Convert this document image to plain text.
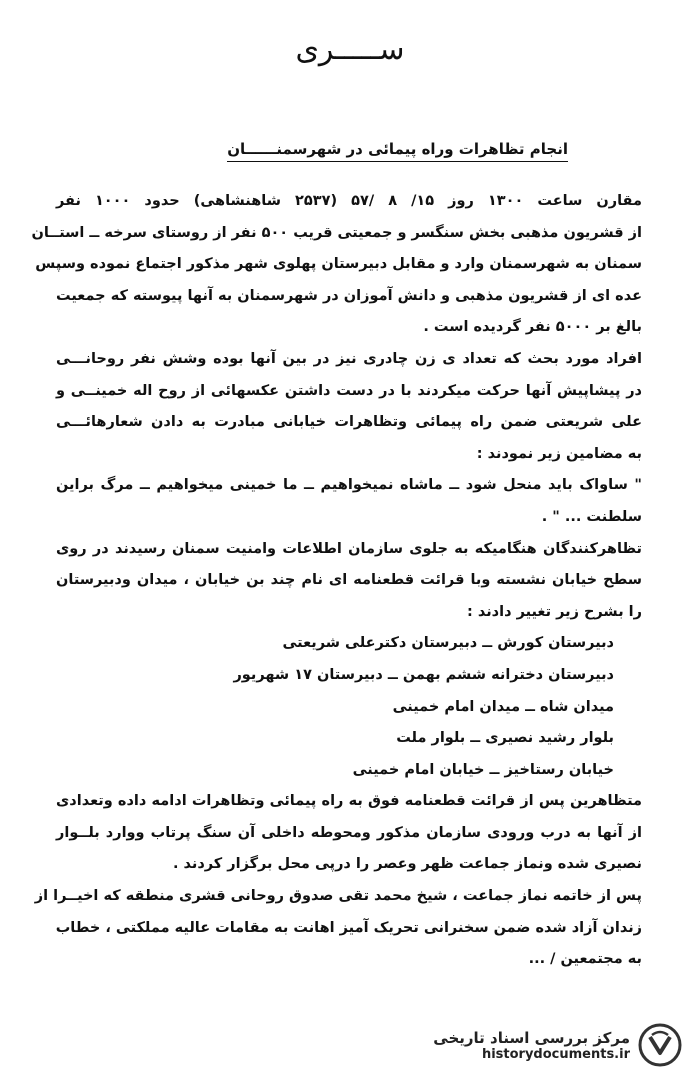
ســـــری
انجام تظاهرات وراه پیمائی در شهرسمنــــــان
مقارن ساعت ۱۳۰۰ روز ۱۵/ ۸ /۵۷ (۲۵۳۷ شاهنشاهی) حدود ۱۰۰۰ نفر
از قشریون مذهبی بخش سنگسر و جمعیتی قریب ۵۰۰ نفر از روستای سرخه ــ استــان
سمنان به شهرسمنان وارد و مقابل دبیرستان پهلوی شهر مذکور اجتماع نموده وسپس
عده ای از قشریون مذهبی و دانش آموزان در شهرسمنان به آنها پیوسته که جمعیت
بالغ بر ۵۰۰۰ نفر گردیده است .
افراد مورد بحث که تعداد ی زن چادری نیز در بین آنها بوده وشش نفر روحانـــی
در پیشاپیش آنها حرکت میکردند با در دست داشتن عکسهائی از روح اله خمینــی و
علی شریعتی ضمن راه پیمائی وتظاهرات خیابانی مبادرت به دادن شعارهائـــی
به مضامین زیر نمودند :
" ساواک باید منحل شود ــ ماشاه نمیخواهیم ــ ما خمینی میخواهیم ــ مرگ براین
سلطنت ... " .
تظاهرکنندگان هنگامیکه به جلوی سازمان اطلاعات وامنیت سمنان رسیدند در روی
سطح خیابان نشسته وبا قرائت قطعنامه ای نام چند بن خیابان ، میدان ودبیرستان
را بشرح زیر تغییر دادند :
دبیرستان کورش ــ دبیرستان دکترعلی شریعتی
دبیرستان دخترانه ششم بهمن ــ دبیرستان ۱۷ شهریور
میدان شاه ــ میدان امام خمینی
بلوار رشید نصیری ــ بلوار ملت
خیابان رستاخیز ــ خیابان امام خمینی
متظاهرین پس از قرائت قطعنامه فوق به راه پیمائی وتظاهرات ادامه داده وتعدادی
از آنها به درب ورودی سازمان مذکور ومحوطه داخلی آن سنگ پرتاب ووارد بلــوار
نصیری شده ونماز جماعت ظهر وعصر را درپی محل برگزار کردند .
پس از خاتمه نماز جماعت ، شیخ محمد تقی صدوق روحانی قشری منطقه که اخیــرا از
زندان آزاد شده ضمن سخنرانی تحریک آمیز اهانت به مقامات عالیه مملکتی ، خطاب
به مجتمعین / ...
مرکز بررسی اسناد تاریخی
historydocuments.ir
